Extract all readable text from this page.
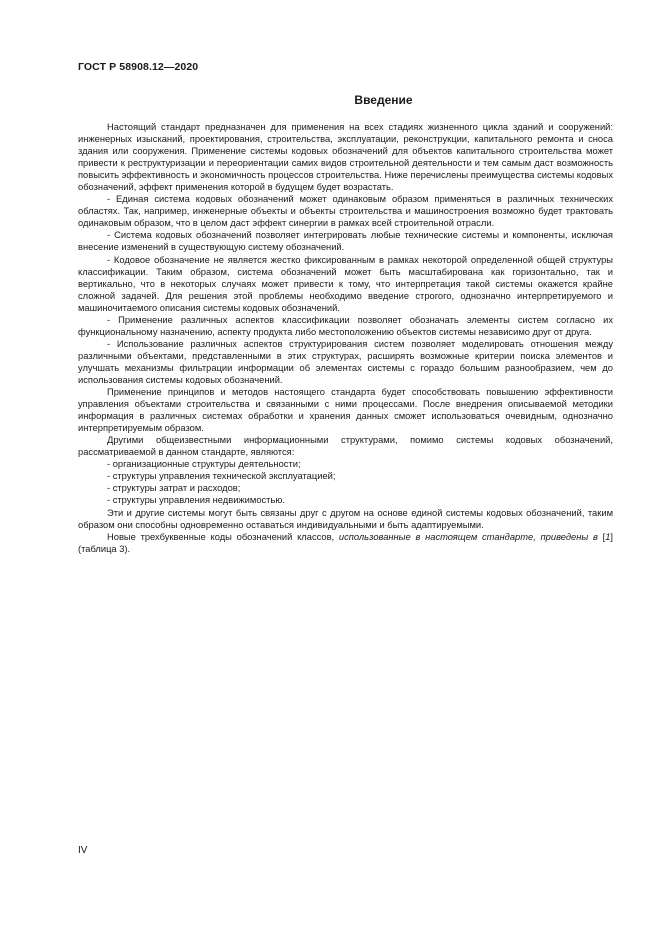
ГОСТ Р 58908.12—2020
Введение

Настоящий стандарт предназначен для применения на всех стадиях жизненного цикла зданий и сооружений: инженерных изысканий, проектирования, строительства, эксплуатации, реконструкции, капитального ремонта и сноса здания или сооружения. Применение системы кодовых обозначений для объектов капитального строительства может привести к реструктуризации и переориентации самих видов строительной деятельности и тем самым даст возможность повысить эффективность и экономичность процессов строительства. Ниже перечислены преимущества системы кодовых обозначений, эффект применения которой в будущем будет возрастать.

- Единая система кодовых обозначений может одинаковым образом применяться в различных технических областях. Так, например, инженерные объекты и объекты строительства и машиностроения возможно будет трактовать одинаковым образом, что в целом даст эффект синергии в рамках всей строительной отрасли.

- Система кодовых обозначений позволяет интегрировать любые технические системы и компоненты, исключая внесение изменений в существующую систему обозначений.

- Кодовое обозначение не является жестко фиксированным в рамках некоторой определенной общей структуры классификации. Таким образом, система обозначений может быть масштабирована как горизонтально, так и вертикально, что в некоторых случаях может привести к тому, что интерпретация такой системы окажется крайне сложной задачей. Для решения этой проблемы необходимо введение строгого, однозначно интерпретируемого и машиночитаемого описания системы кодовых обозначений.

- Применение различных аспектов классификации позволяет обозначать элементы систем согласно их функциональному назначению, аспекту продукта либо местоположению объектов системы независимо друг от друга.

- Использование различных аспектов структурирования систем позволяет моделировать отношения между различными объектами, представленными в этих структурах, расширять возможные критерии поиска элементов и улучшать механизмы фильтрации информации об элементах системы с гораздо большим разнообразием, чем до использования системы кодовых обозначений.

Применение принципов и методов настоящего стандарта будет способствовать повышению эффективности управления объектами строительства и связанными с ними процессами. После внедрения описываемой методики информация в различных системах обработки и хранения данных сможет использоваться очевидным, однозначно интерпретируемым образом.

Другими общеизвестными информационными структурами, помимо системы кодовых обозначений, рассматриваемой в данном стандарте, являются:

- организационные структуры деятельности;
- структуры управления технической эксплуатацией;
- структуры затрат и расходов;
- структуры управления недвижимостью.

Эти и другие системы могут быть связаны друг с другом на основе единой системы кодовых обозначений, таким образом они способны одновременно оставаться индивидуальными и быть адаптируемыми.

Новые трехбуквенные коды обозначений классов, использованные в настоящем стандарте, приведены в [1] (таблица 3).

IV
